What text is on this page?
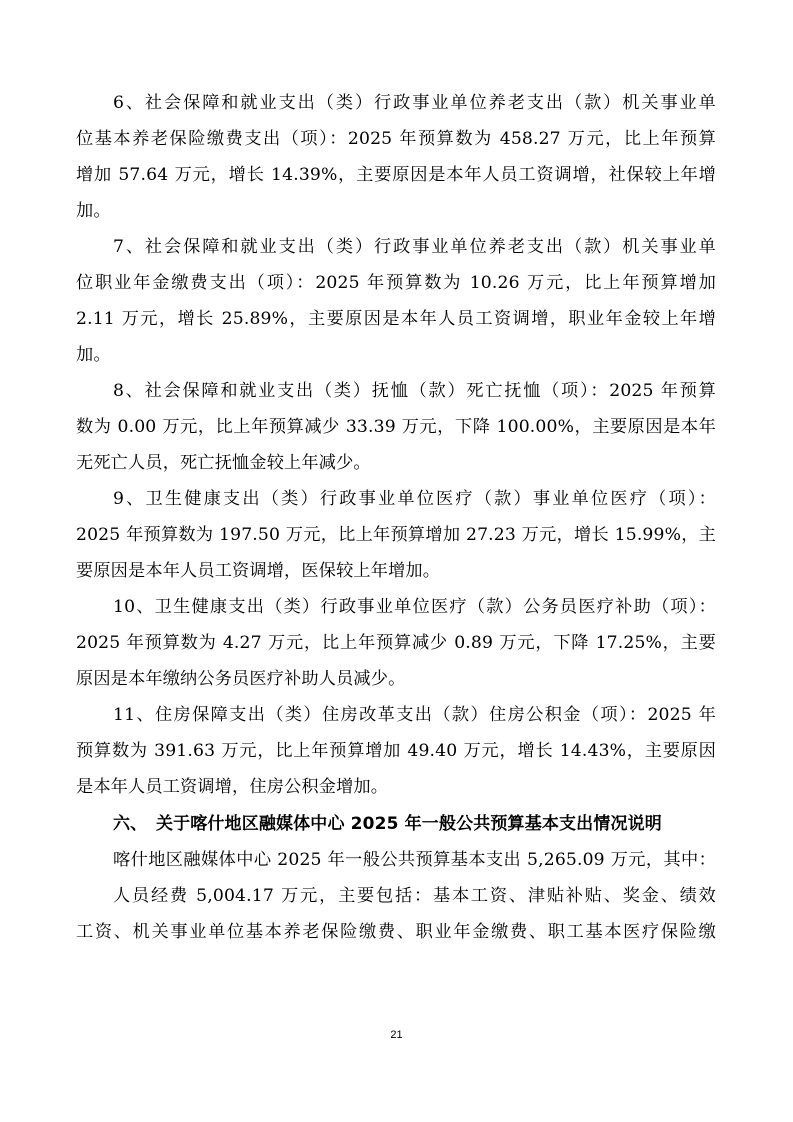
6、社会保障和就业支出（类）行政事业单位养老支出（款）机关事业单
位基本养老保险缴费支出（项）：2025 年预算数为 458.27 万元，比上年预算
增加 57.64 万元，增长 14.39%，主要原因是本年人员工资调增，社保较上年增
加。
7、社会保障和就业支出（类）行政事业单位养老支出（款）机关事业单
位职业年金缴费支出（项）：2025 年预算数为 10.26 万元，比上年预算增加
2.11 万元，增长 25.89%，主要原因是本年人员工资调增，职业年金较上年增
加。
8、社会保障和就业支出（类）抚恤（款）死亡抚恤（项）：2025 年预算
数为 0.00 万元，比上年预算减少 33.39 万元，下降 100.00%，主要原因是本年
无死亡人员，死亡抚恤金较上年减少。
9、卫生健康支出（类）行政事业单位医疗（款）事业单位医疗（项）：
2025 年预算数为 197.50 万元，比上年预算增加 27.23 万元，增长 15.99%，主
要原因是本年人员工资调增，医保较上年增加。
10、卫生健康支出（类）行政事业单位医疗（款）公务员医疗补助（项）：
2025 年预算数为 4.27 万元，比上年预算减少 0.89 万元，下降 17.25%，主要
原因是本年缴纳公务员医疗补助人员减少。
11、住房保障支出（类）住房改革支出（款）住房公积金（项）：2025 年
预算数为 391.63 万元，比上年预算增加 49.40 万元，增长 14.43%，主要原因
是本年人员工资调增，住房公积金增加。
六、　关于喀什地区融媒体中心 2025 年一般公共预算基本支出情况说明
喀什地区融媒体中心 2025 年一般公共预算基本支出 5,265.09 万元，其中：
人员经费 5,004.17 万元，主要包括：基本工资、津贴补贴、奖金、绩效
工资、机关事业单位基本养老保险缴费、职业年金缴费、职工基本医疗保险缴
21
